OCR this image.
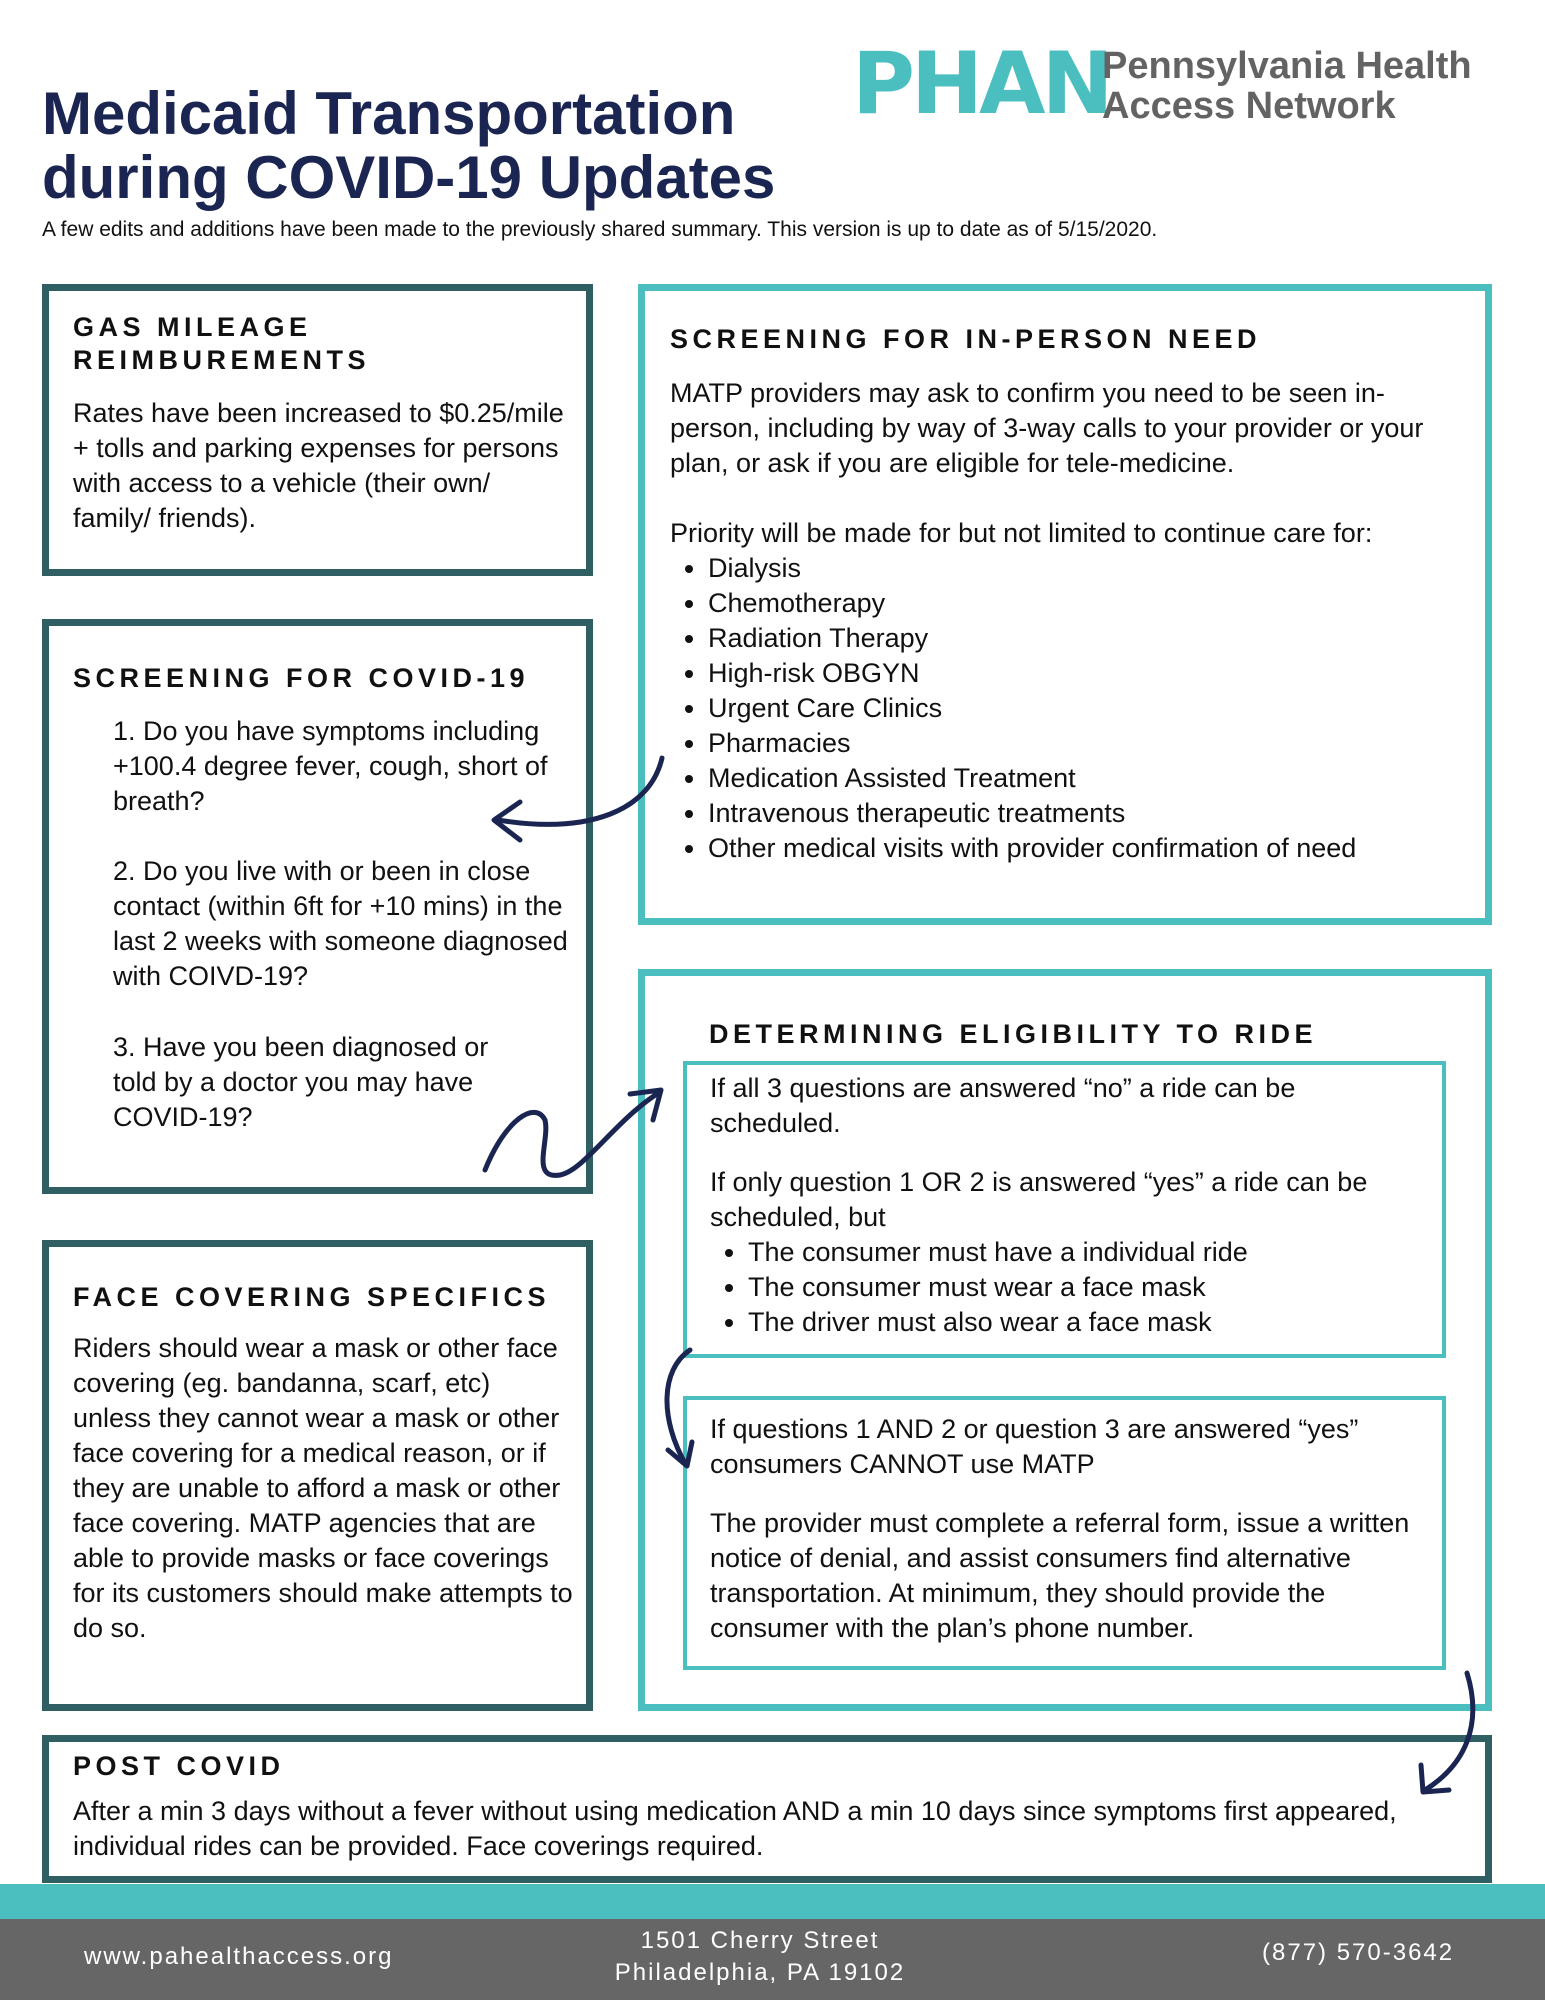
Medicaid Transportation
during COVID-19 Updates
A few edits and additions have been made to the previously shared summary. This version is up to date as of 5/15/2020.
PHAN
Pennsylvania Health
Access Network
GAS MILEAGE
REIMBUREMENTS
Rates have been increased to $0.25/mile + tolls and parking expenses for persons with access to a vehicle (their own/ family/ friends).
SCREENING FOR COVID-19
1. Do you have symptoms including +100.4 degree fever, cough, short of breath?
2. Do you live with or been in close contact (within 6ft for +10 mins) in the last 2 weeks with someone diagnosed with COIVD-19?
3. Have you been diagnosed or told by a doctor you may have COVID-19?
FACE COVERING SPECIFICS
Riders should wear a mask or other face covering (eg. bandanna, scarf, etc) unless they cannot wear a mask or other face covering for a medical reason, or if they are unable to afford a mask or other face covering. MATP agencies that are able to provide masks or face coverings for its customers should make attempts to do so.
SCREENING FOR IN-PERSON NEED
MATP providers may ask to confirm you need to be seen in-person, including by way of 3-way calls to your provider or your plan, or ask if you are eligible for tele-medicine.
Priority will be made for but not limited to continue care for:
• Dialysis
• Chemotherapy
• Radiation Therapy
• High-risk OBGYN
• Urgent Care Clinics
• Pharmacies
• Medication Assisted Treatment
• Intravenous therapeutic treatments
• Other medical visits with provider confirmation of need
DETERMINING ELIGIBILITY TO RIDE
If all 3 questions are answered “no” a ride can be scheduled.
If only question 1 OR 2 is answered “yes” a ride can be scheduled, but
• The consumer must have a individual ride
• The consumer must wear a face mask
• The driver must also wear a face mask
If questions 1 AND 2 or question 3 are answered “yes” consumers CANNOT use MATP
The provider must complete a referral form, issue a written notice of denial, and assist consumers find alternative transportation. At minimum, they should provide the consumer with the plan’s phone number.
POST COVID
After a min 3 days without a fever without using medication AND a min 10 days since symptoms first appeared, individual rides can be provided. Face coverings required.
www.pahealthaccess.org
1501 Cherry Street
Philadelphia, PA 19102
(877) 570-3642
